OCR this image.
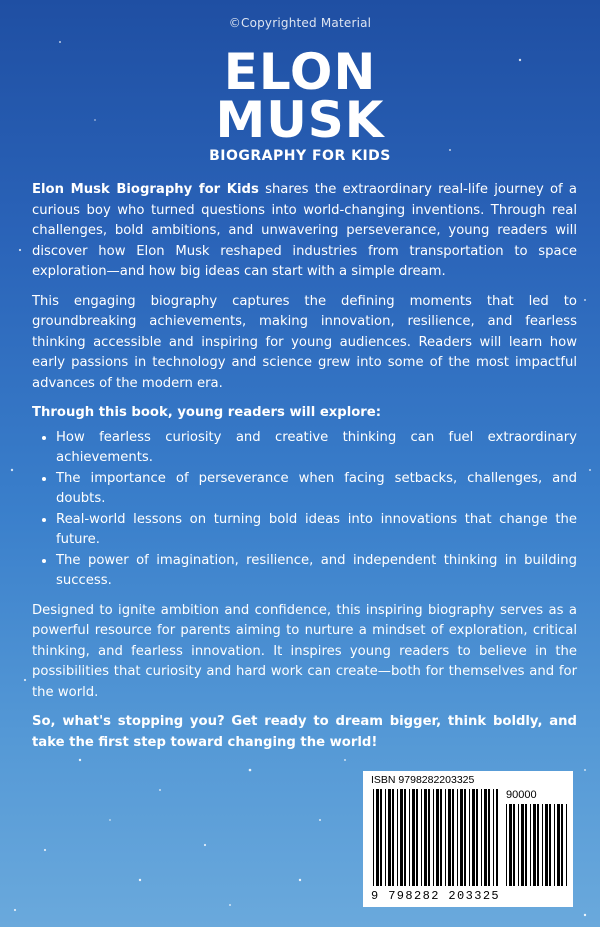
©Copyrighted Material
ELON
MUSK
BIOGRAPHY FOR KIDS

Elon Musk Biography for Kids shares the extraordinary real-life journey of a curious boy who turned questions into world-changing inventions. Through real challenges, bold ambitions, and unwavering perseverance, young readers will discover how Elon Musk reshaped industries from transportation to space exploration—and how big ideas can start with a simple dream.

This engaging biography captures the defining moments that led to groundbreaking achievements, making innovation, resilience, and fearless thinking accessible and inspiring for young audiences. Readers will learn how early passions in technology and science grew into some of the most impactful advances of the modern era.

Through this book, young readers will explore:
• How fearless curiosity and creative thinking can fuel extraordinary achievements.
• The importance of perseverance when facing setbacks, challenges, and doubts.
• Real-world lessons on turning bold ideas into innovations that change the future.
• The power of imagination, resilience, and independent thinking in building success.

Designed to ignite ambition and confidence, this inspiring biography serves as a powerful resource for parents aiming to nurture a mindset of exploration, critical thinking, and fearless innovation. It inspires young readers to believe in the possibilities that curiosity and hard work can create—both for themselves and for the world.

So, what's stopping you? Get ready to dream bigger, think boldly, and take the first step toward changing the world!

ISBN 9798282203325
90000
9 798282 203325
